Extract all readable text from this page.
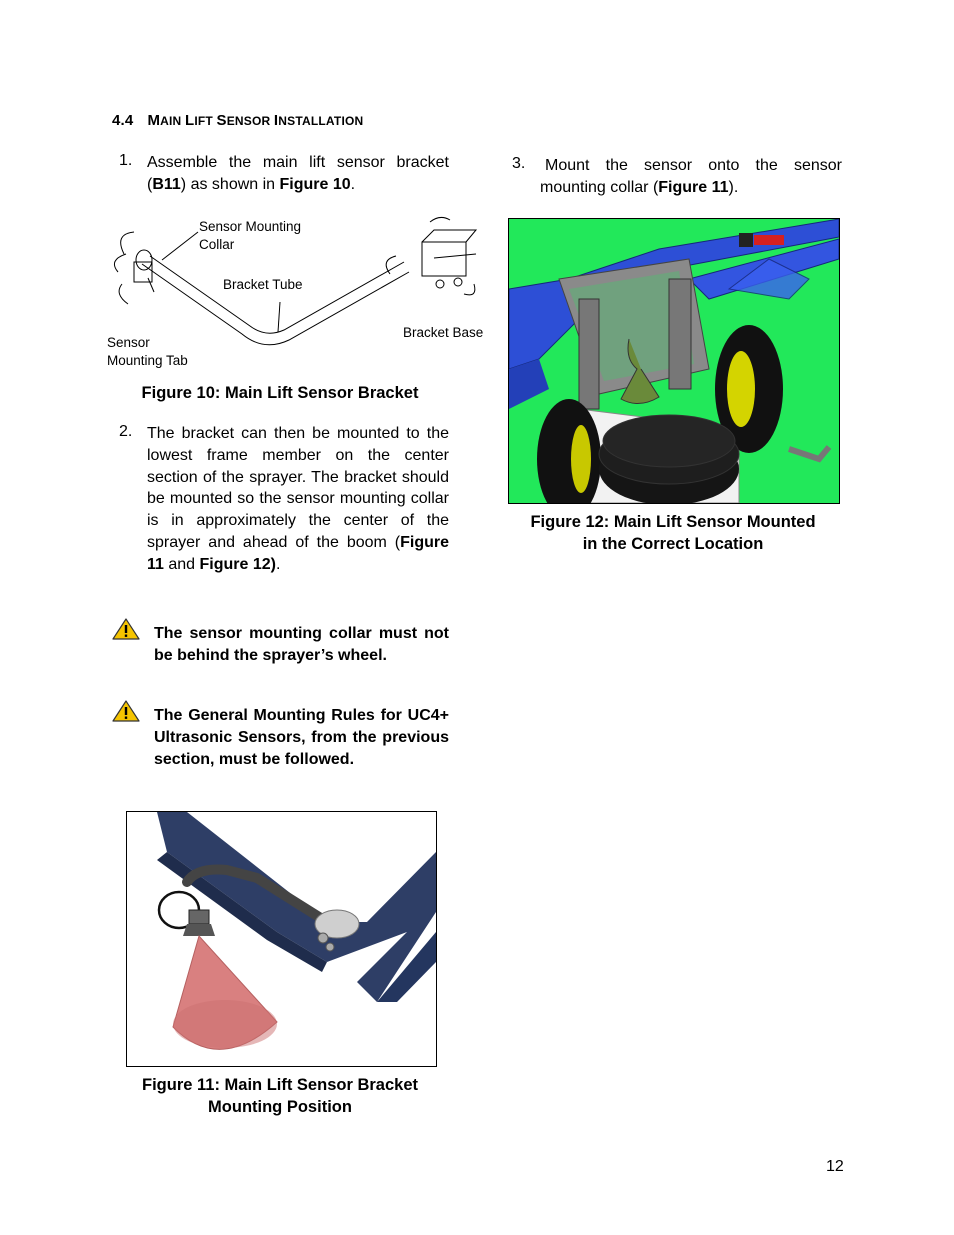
4.4 MAIN LIFT SENSOR INSTALLATION
1. Assemble the main lift sensor bracket (B11) as shown in Figure 10.
Sensor Mounting
Collar
Bracket Tube
Bracket Base
Sensor
Mounting Tab
Figure 10: Main Lift Sensor Bracket
2. The bracket can then be mounted to the lowest frame member on the center section of the sprayer. The bracket should be mounted so the sensor mounting collar is in approximately the center of the sprayer and ahead of the boom (Figure 11 and Figure 12).
The sensor mounting collar must not be behind the sprayer’s wheel.
The General Mounting Rules for UC4+ Ultrasonic Sensors, from the previous section, must be followed.
Figure 11: Main Lift Sensor Bracket
Mounting Position
3.	Mount the sensor onto the sensor mounting collar (Figure 11).
Figure 12: Main Lift Sensor Mounted
in the Correct Location
12
